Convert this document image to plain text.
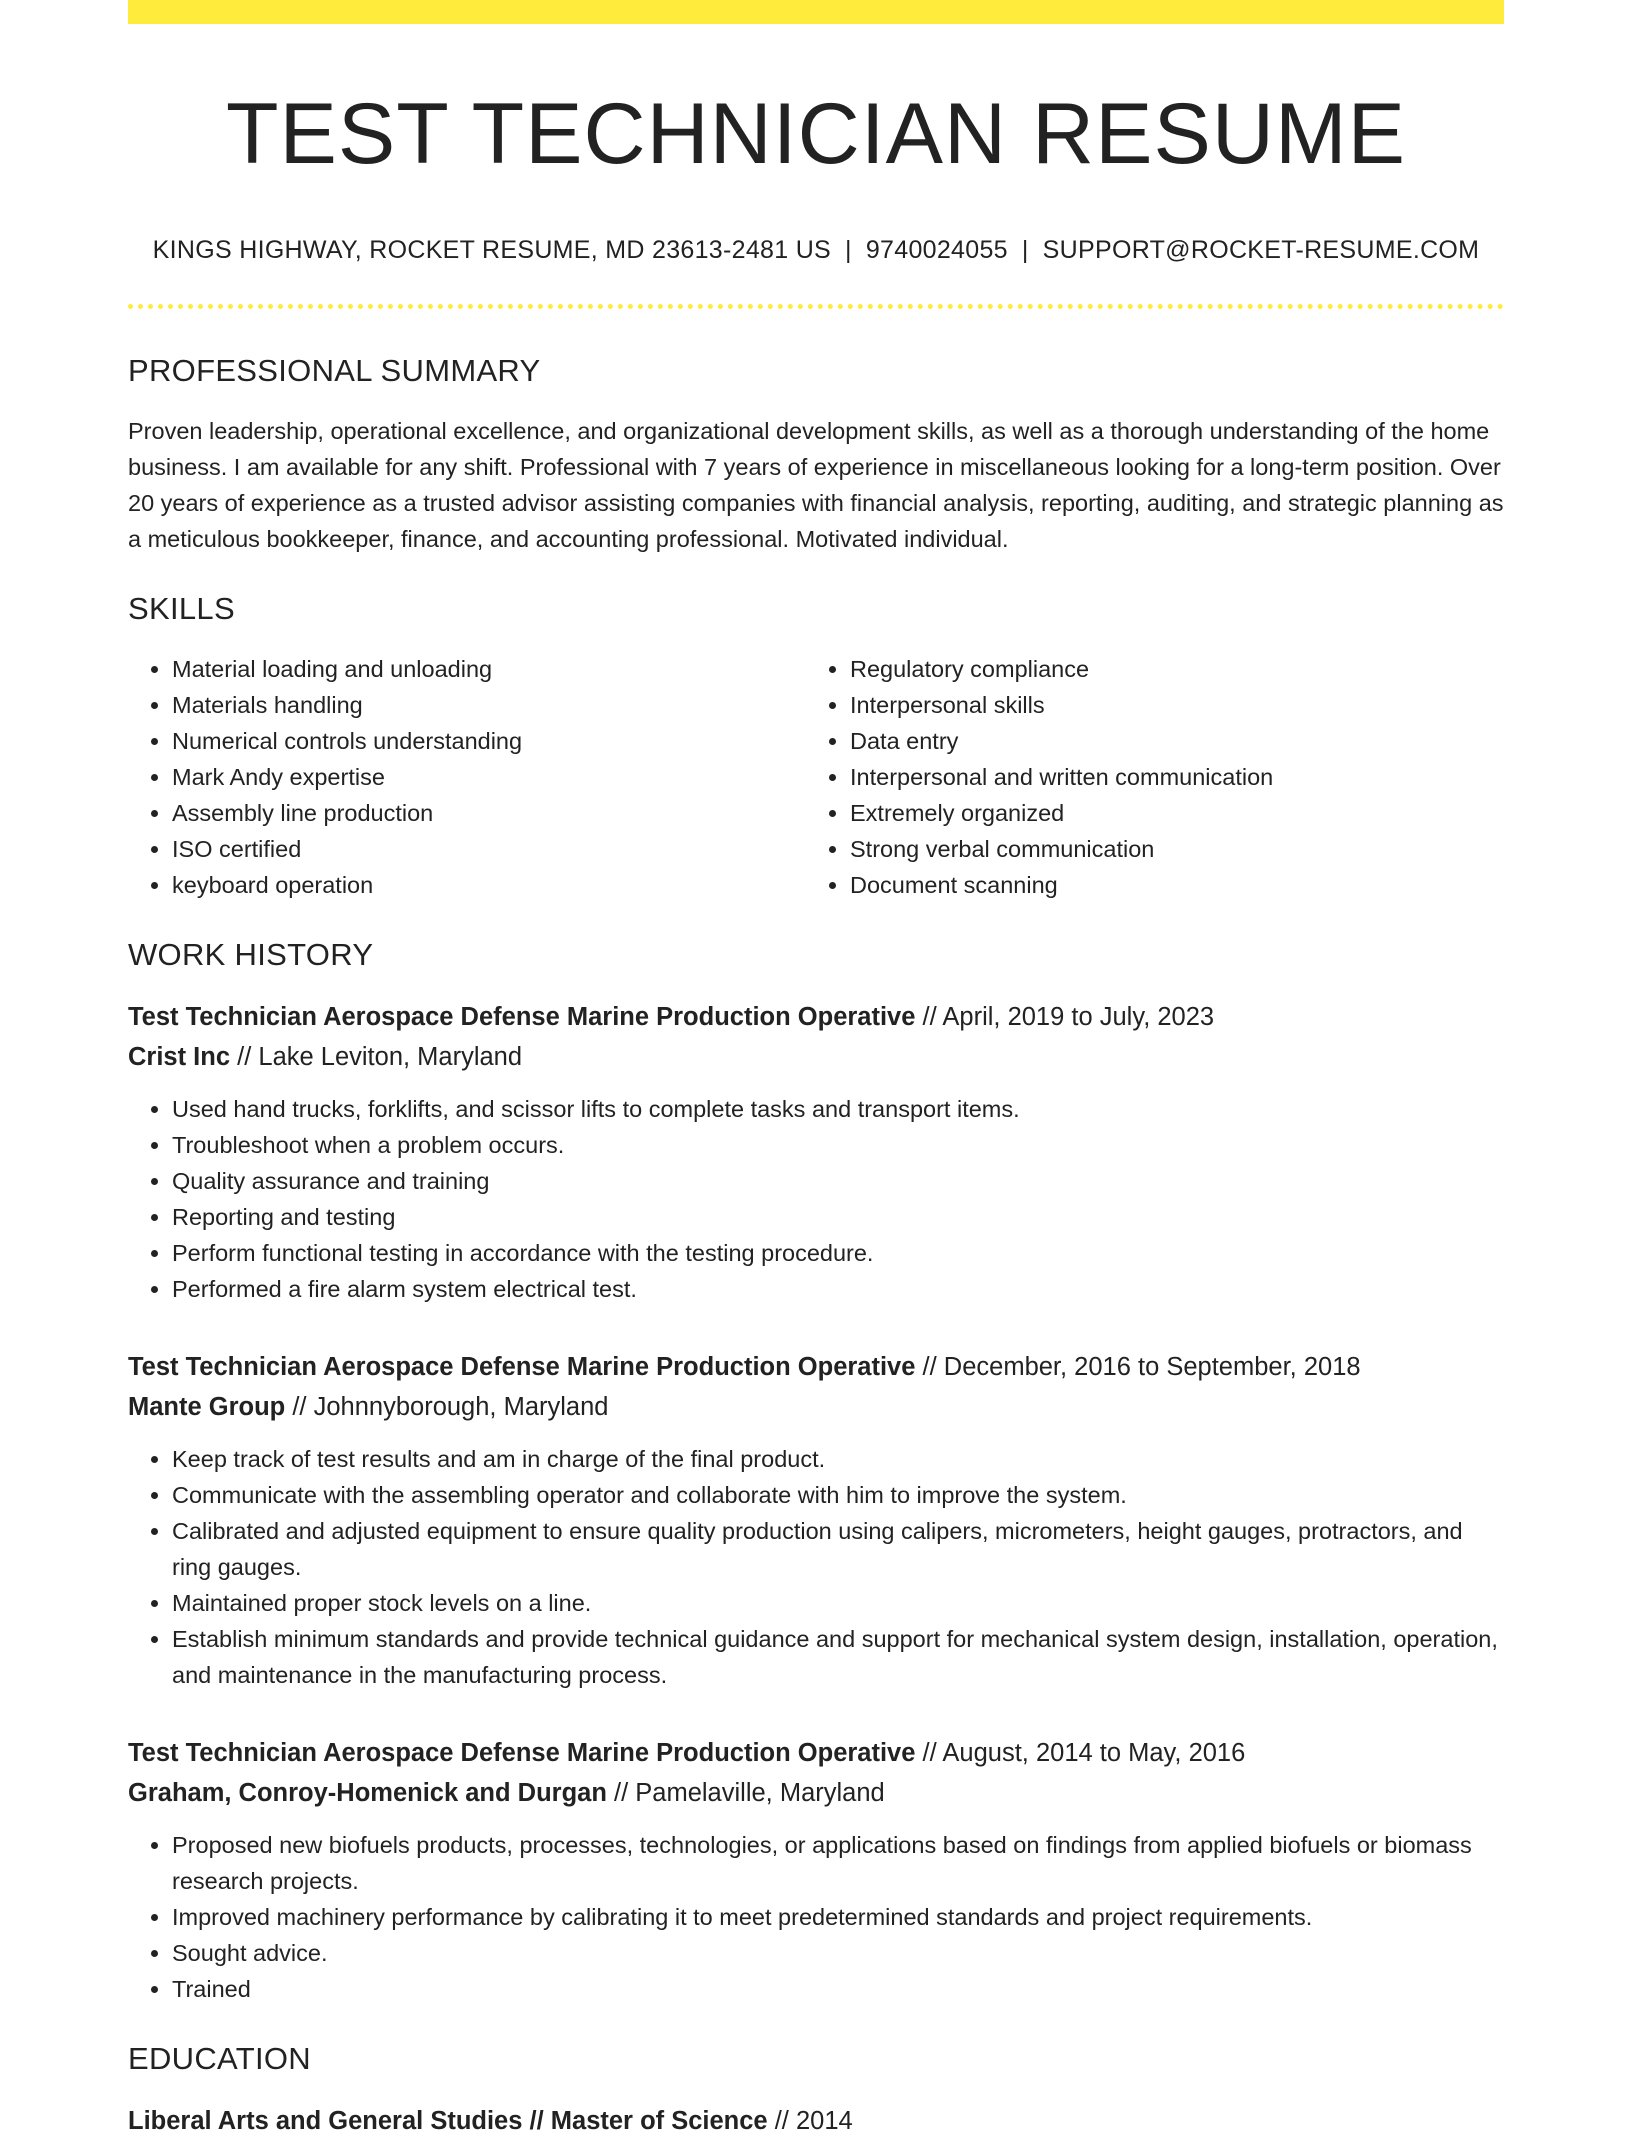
TEST TECHNICIAN RESUME
KINGS HIGHWAY, ROCKET RESUME, MD 23613-2481 US | 9740024055 | SUPPORT@ROCKET-RESUME.COM
PROFESSIONAL SUMMARY

Proven leadership, operational excellence, and organizational development skills, as well as a thorough understanding of the home business. I am available for any shift. Professional with 7 years of experience in miscellaneous looking for a long-term position. Over 20 years of experience as a trusted advisor assisting companies with financial analysis, reporting, auditing, and strategic planning as a meticulous bookkeeper, finance, and accounting professional. Motivated individual.

SKILLS
• Material loading and unloading
• Materials handling
• Numerical controls understanding
• Mark Andy expertise
• Assembly line production
• ISO certified
• keyboard operation
• Regulatory compliance
• Interpersonal skills
• Data entry
• Interpersonal and written communication
• Extremely organized
• Strong verbal communication
• Document scanning
WORK HISTORY
Test Technician Aerospace Defense Marine Production Operative // April, 2019 to July, 2023
Crist Inc // Lake Leviton, Maryland
• Used hand trucks, forklifts, and scissor lifts to complete tasks and transport items.
• Troubleshoot when a problem occurs.
• Quality assurance and training
• Reporting and testing
• Perform functional testing in accordance with the testing procedure.
• Performed a fire alarm system electrical test.
Test Technician Aerospace Defense Marine Production Operative // December, 2016 to September, 2018
Mante Group // Johnnyborough, Maryland
• Keep track of test results and am in charge of the final product.
• Communicate with the assembling operator and collaborate with him to improve the system.
• Calibrated and adjusted equipment to ensure quality production using calipers, micrometers, height gauges, protractors, and ring gauges.
• Maintained proper stock levels on a line.
• Establish minimum standards and provide technical guidance and support for mechanical system design, installation, operation, and maintenance in the manufacturing process.
Test Technician Aerospace Defense Marine Production Operative // August, 2014 to May, 2016
Graham, Conroy-Homenick and Durgan // Pamelaville, Maryland
• Proposed new biofuels products, processes, technologies, or applications based on findings from applied biofuels or biomass research projects.
• Improved machinery performance by calibrating it to meet predetermined standards and project requirements.
• Sought advice.
• Trained
EDUCATION
Liberal Arts and General Studies // Master of Science // 2014
